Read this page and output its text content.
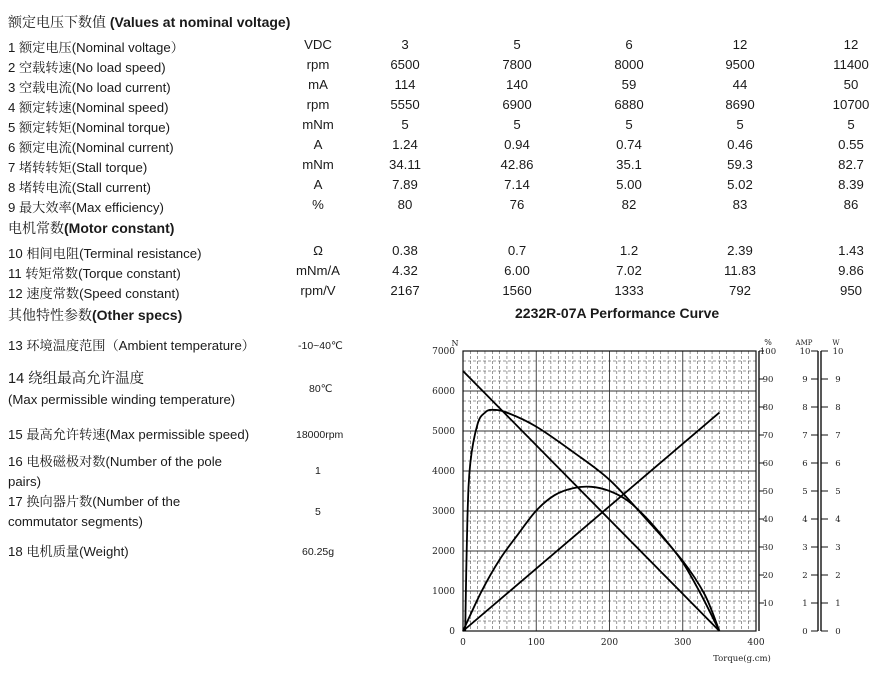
额定电压下数值 (Values at nominal voltage)
1 额定电压(Nominal voltage）	VDC	3	5	6	12	12
2 空载转速(No load speed)	rpm	6500	7800	8000	9500	11400
3 空载电流(No load current)	mA	114	140	59	44	50
4 额定转速(Nominal speed)	rpm	5550	6900	6880	8690	10700
5 额定转矩(Nominal torque)	mNm	5	5	5	5	5
6 额定电流(Nominal current)	A	1.24	0.94	0.74	0.46	0.55
7 堵转转矩(Stall torque)	mNm	34.11	42.86	35.1	59.3	82.7
8 堵转电流(Stall current)	A	7.89	7.14	5.00	5.02	8.39
9 最大效率(Max efficiency)	%	80	76	82	83	86
电机常数(Motor constant)
10 相间电阻(Terminal resistance)	Ω	0.38	0.7	1.2	2.39	1.43
11 转矩常数(Torque constant)	mNm/A	4.32	6.00	7.02	11.83	9.86
12 速度常数(Speed constant)	rpm/V	2167	1560	1333	792	950
其他特性参数(Other specs)	2232R-07A Performance Curve
13 环境温度范围（Ambient temperature）	-10~40℃
14 绕组最高允许温度
(Max permissible winding temperature)
80℃
15 最高允许转速(Max permissible speed)	18000rpm
16 电极磁极对数(Number of the pole
pairs)
1
17 换向器片数(Number of the
commutator segments)
5
18 电机质量(Weight)	60.25g
0
1000
2000
3000
4000
5000
6000
7000
N
0	100	200	300	400
Torque(g.cm)
%
10
20
30
40
50
60
70
80
90
100
AMP	W
0
1
2
3
4
5
6
7
8
9
10
0
1
2
3
4
5
6
7
8
9
10
